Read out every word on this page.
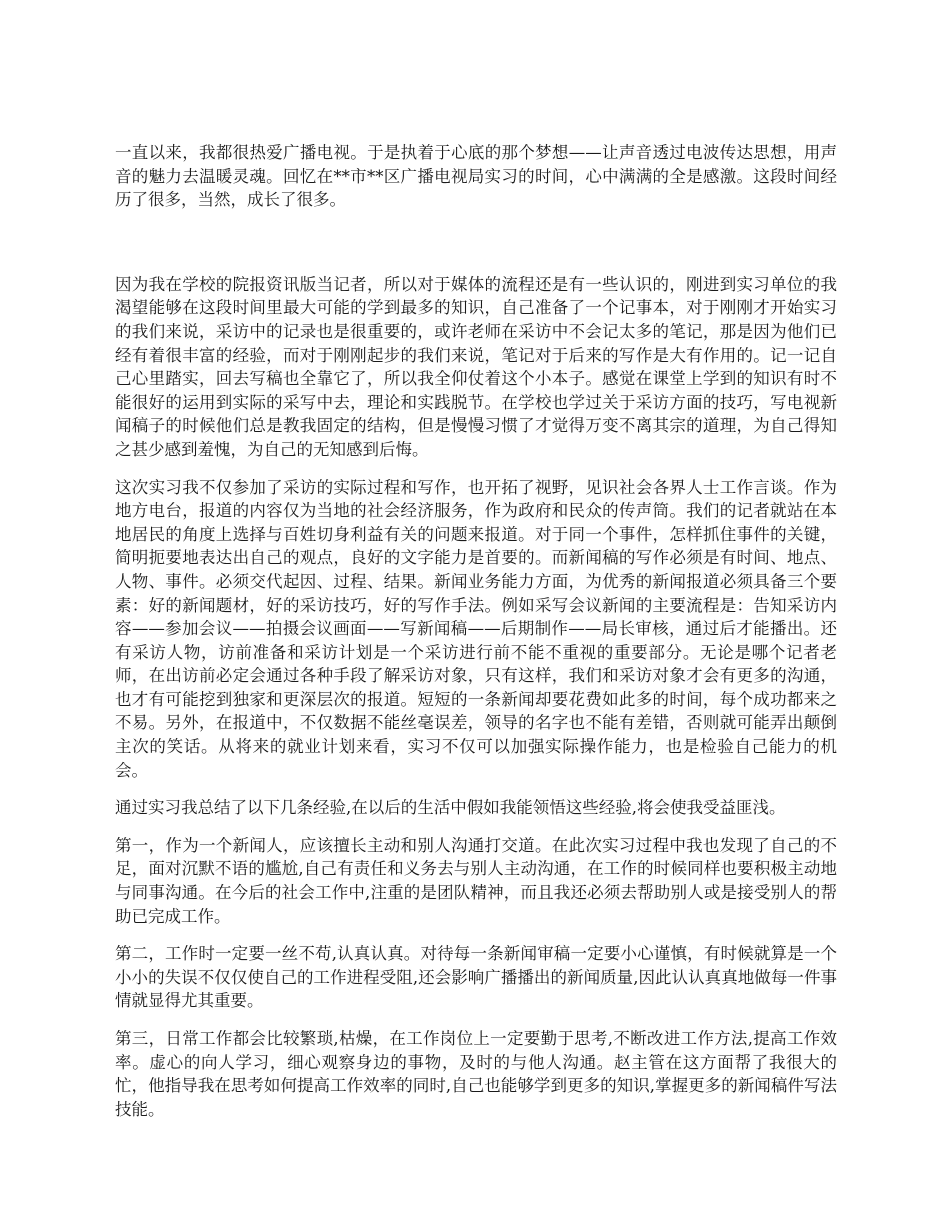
一直以来，我都很热爱广播电视。于是执着于心底的那个梦想——让声音透过电波传达思想，用声音的魅力去温暖灵魂。回忆在**市**区广播电视局实习的时间，心中满满的全是感激。这段时间经历了很多，当然，成长了很多。

因为我在学校的院报资讯版当记者，所以对于媒体的流程还是有一些认识的，刚进到实习单位的我渴望能够在这段时间里最大可能的学到最多的知识，自己准备了一个记事本，对于刚刚才开始实习的我们来说，采访中的记录也是很重要的，或许老师在采访中不会记太多的笔记，那是因为他们已经有着很丰富的经验，而对于刚刚起步的我们来说，笔记对于后来的写作是大有作用的。记一记自己心里踏实，回去写稿也全靠它了，所以我全仰仗着这个小本子。感觉在课堂上学到的知识有时不能很好的运用到实际的采写中去，理论和实践脱节。在学校也学过关于采访方面的技巧，写电视新闻稿子的时候他们总是教我固定的结构，但是慢慢习惯了才觉得万变不离其宗的道理，为自己得知之甚少感到羞愧，为自己的无知感到后悔。

这次实习我不仅参加了采访的实际过程和写作，也开拓了视野，见识社会各界人士工作言谈。作为地方电台，报道的内容仅为当地的社会经济服务，作为政府和民众的传声筒。我们的记者就站在本地居民的角度上选择与百姓切身利益有关的问题来报道。对于同一个事件，怎样抓住事件的关键，简明扼要地表达出自己的观点，良好的文字能力是首要的。而新闻稿的写作必须是有时间、地点、人物、事件。必须交代起因、过程、结果。新闻业务能力方面，为优秀的新闻报道必须具备三个要素：好的新闻题材，好的采访技巧，好的写作手法。例如采写会议新闻的主要流程是：告知采访内容——参加会议——拍摄会议画面——写新闻稿——后期制作——局长审核，通过后才能播出。还有采访人物，访前准备和采访计划是一个采访进行前不能不重视的重要部分。无论是哪个记者老师，在出访前必定会通过各种手段了解采访对象，只有这样，我们和采访对象才会有更多的沟通，也才有可能挖到独家和更深层次的报道。短短的一条新闻却要花费如此多的时间，每个成功都来之不易。另外，在报道中，不仅数据不能丝毫误差，领导的名字也不能有差错，否则就可能弄出颠倒主次的笑话。从将来的就业计划来看，实习不仅可以加强实际操作能力，也是检验自己能力的机会。

通过实习我总结了以下几条经验,在以后的生活中假如我能领悟这些经验,将会使我受益匪浅。

第一，作为一个新闻人，应该擅长主动和别人沟通打交道。在此次实习过程中我也发现了自己的不足，面对沉默不语的尴尬,自己有责任和义务去与别人主动沟通，在工作的时候同样也要积极主动地与同事沟通。在今后的社会工作中,注重的是团队精神，而且我还必须去帮助别人或是接受别人的帮助已完成工作。

第二，工作时一定要一丝不苟,认真认真。对待每一条新闻审稿一定要小心谨慎，有时候就算是一个小小的失误不仅仅使自己的工作进程受阻,还会影响广播播出的新闻质量,因此认认真真地做每一件事情就显得尤其重要。

第三，日常工作都会比较繁琐,枯燥，在工作岗位上一定要勤于思考,不断改进工作方法,提高工作效率。虚心的向人学习，细心观察身边的事物，及时的与他人沟通。赵主管在这方面帮了我很大的忙，他指导我在思考如何提高工作效率的同时,自己也能够学到更多的知识,掌握更多的新闻稿件写法技能。
